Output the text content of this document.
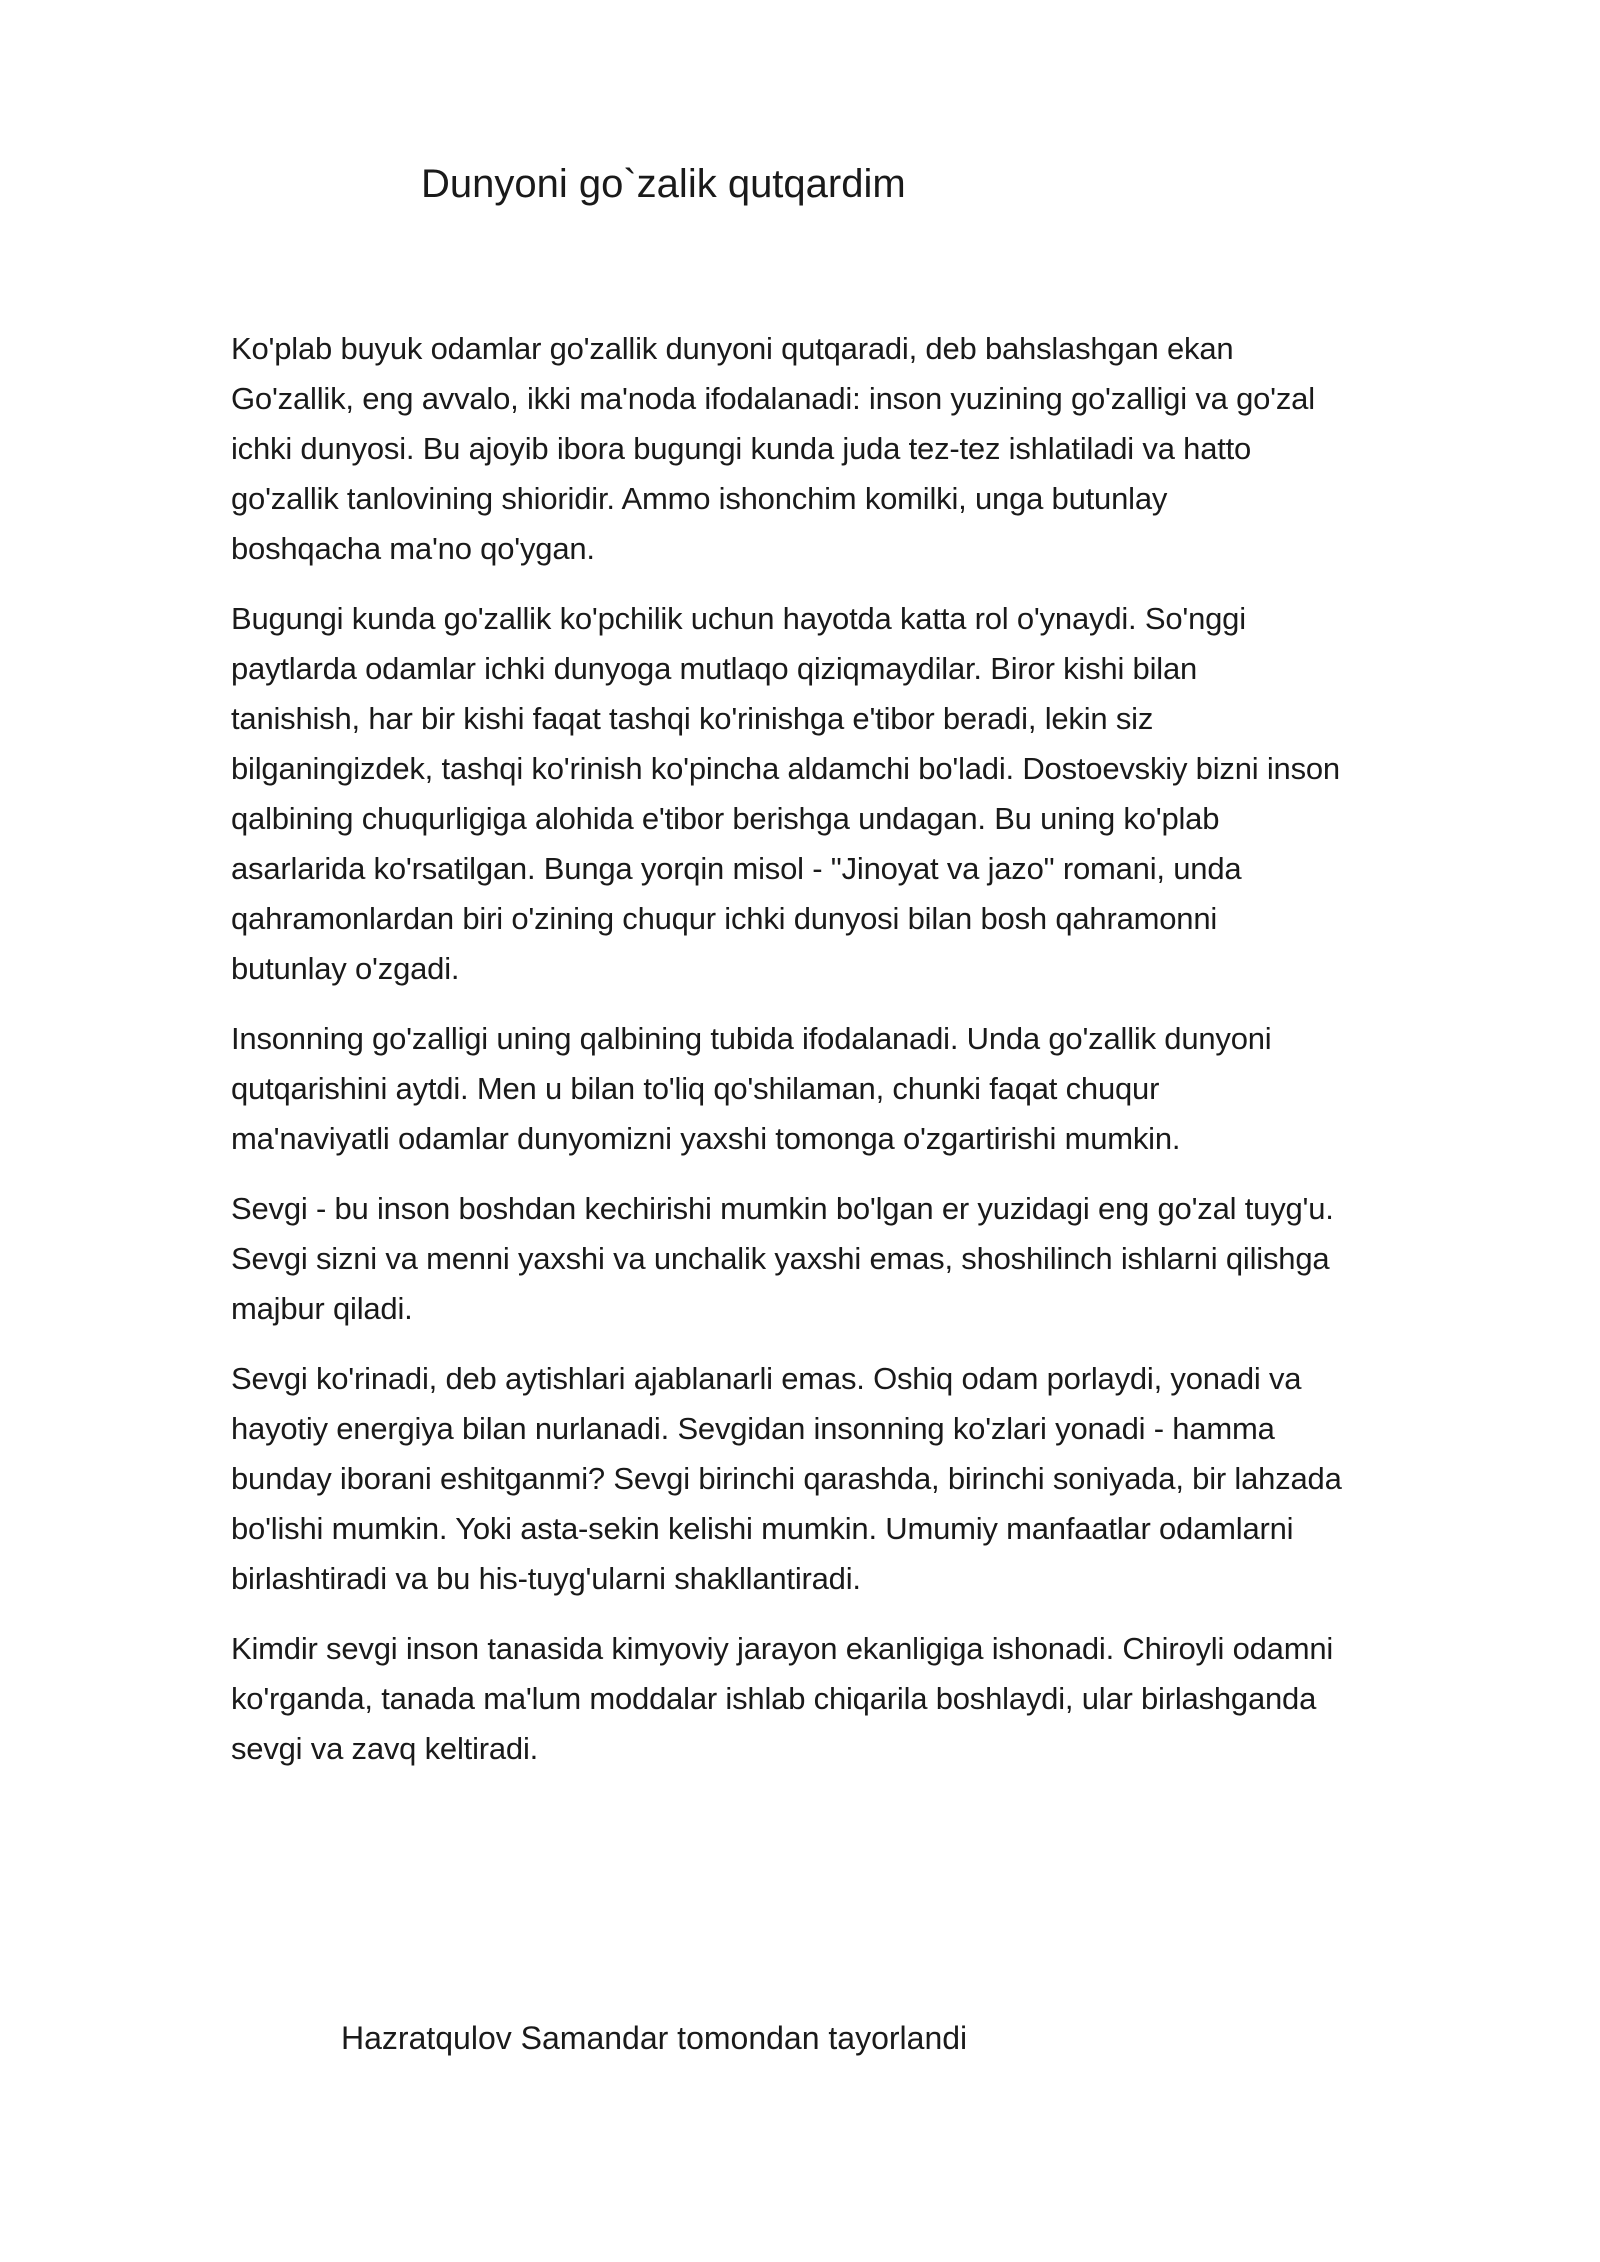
Dunyoni go`zalik qutqardim

Ko'plab buyuk odamlar go'zallik dunyoni qutqaradi, deb bahslashgan ekan
Go'zallik, eng avvalo, ikki ma'noda ifodalanadi: inson yuzining go'zalligi va go'zal
ichki dunyosi. Bu ajoyib ibora bugungi kunda juda tez-tez ishlatiladi va hatto
go'zallik tanlovining shioridir. Ammo ishonchim komilki, unga butunlay
boshqacha ma'no qo'ygan.

Bugungi kunda go'zallik ko'pchilik uchun hayotda katta rol o'ynaydi. So'nggi
paytlarda odamlar ichki dunyoga mutlaqo qiziqmaydilar. Biror kishi bilan
tanishish, har bir kishi faqat tashqi ko'rinishga e'tibor beradi, lekin siz
bilganingizdek, tashqi ko'rinish ko'pincha aldamchi bo'ladi. Dostoevskiy bizni inson
qalbining chuqurligiga alohida e'tibor berishga undagan. Bu uning ko'plab
asarlarida ko'rsatilgan. Bunga yorqin misol - "Jinoyat va jazo" romani, unda
qahramonlardan biri o'zining chuqur ichki dunyosi bilan bosh qahramonni
butunlay o'zgadi.

Insonning go'zalligi uning qalbining tubida ifodalanadi. Unda go'zallik dunyoni
qutqarishini aytdi. Men u bilan to'liq qo'shilaman, chunki faqat chuqur
ma'naviyatli odamlar dunyomizni yaxshi tomonga o'zgartirishi mumkin.

Sevgi - bu inson boshdan kechirishi mumkin bo'lgan er yuzidagi eng go'zal tuyg'u.
Sevgi sizni va menni yaxshi va unchalik yaxshi emas, shoshilinch ishlarni qilishga
majbur qiladi.

Sevgi ko'rinadi, deb aytishlari ajablanarli emas. Oshiq odam porlaydi, yonadi va
hayotiy energiya bilan nurlanadi. Sevgidan insonning ko'zlari yonadi - hamma
bunday iborani eshitganmi? Sevgi birinchi qarashda, birinchi soniyada, bir lahzada
bo'lishi mumkin. Yoki asta-sekin kelishi mumkin. Umumiy manfaatlar odamlarni
birlashtiradi va bu his-tuyg'ularni shakllantiradi.

Kimdir sevgi inson tanasida kimyoviy jarayon ekanligiga ishonadi. Chiroyli odamni
ko'rganda, tanada ma'lum moddalar ishlab chiqarila boshlaydi, ular birlashganda
sevgi va zavq keltiradi.

Hazratqulov Samandar tomondan tayorlandi
